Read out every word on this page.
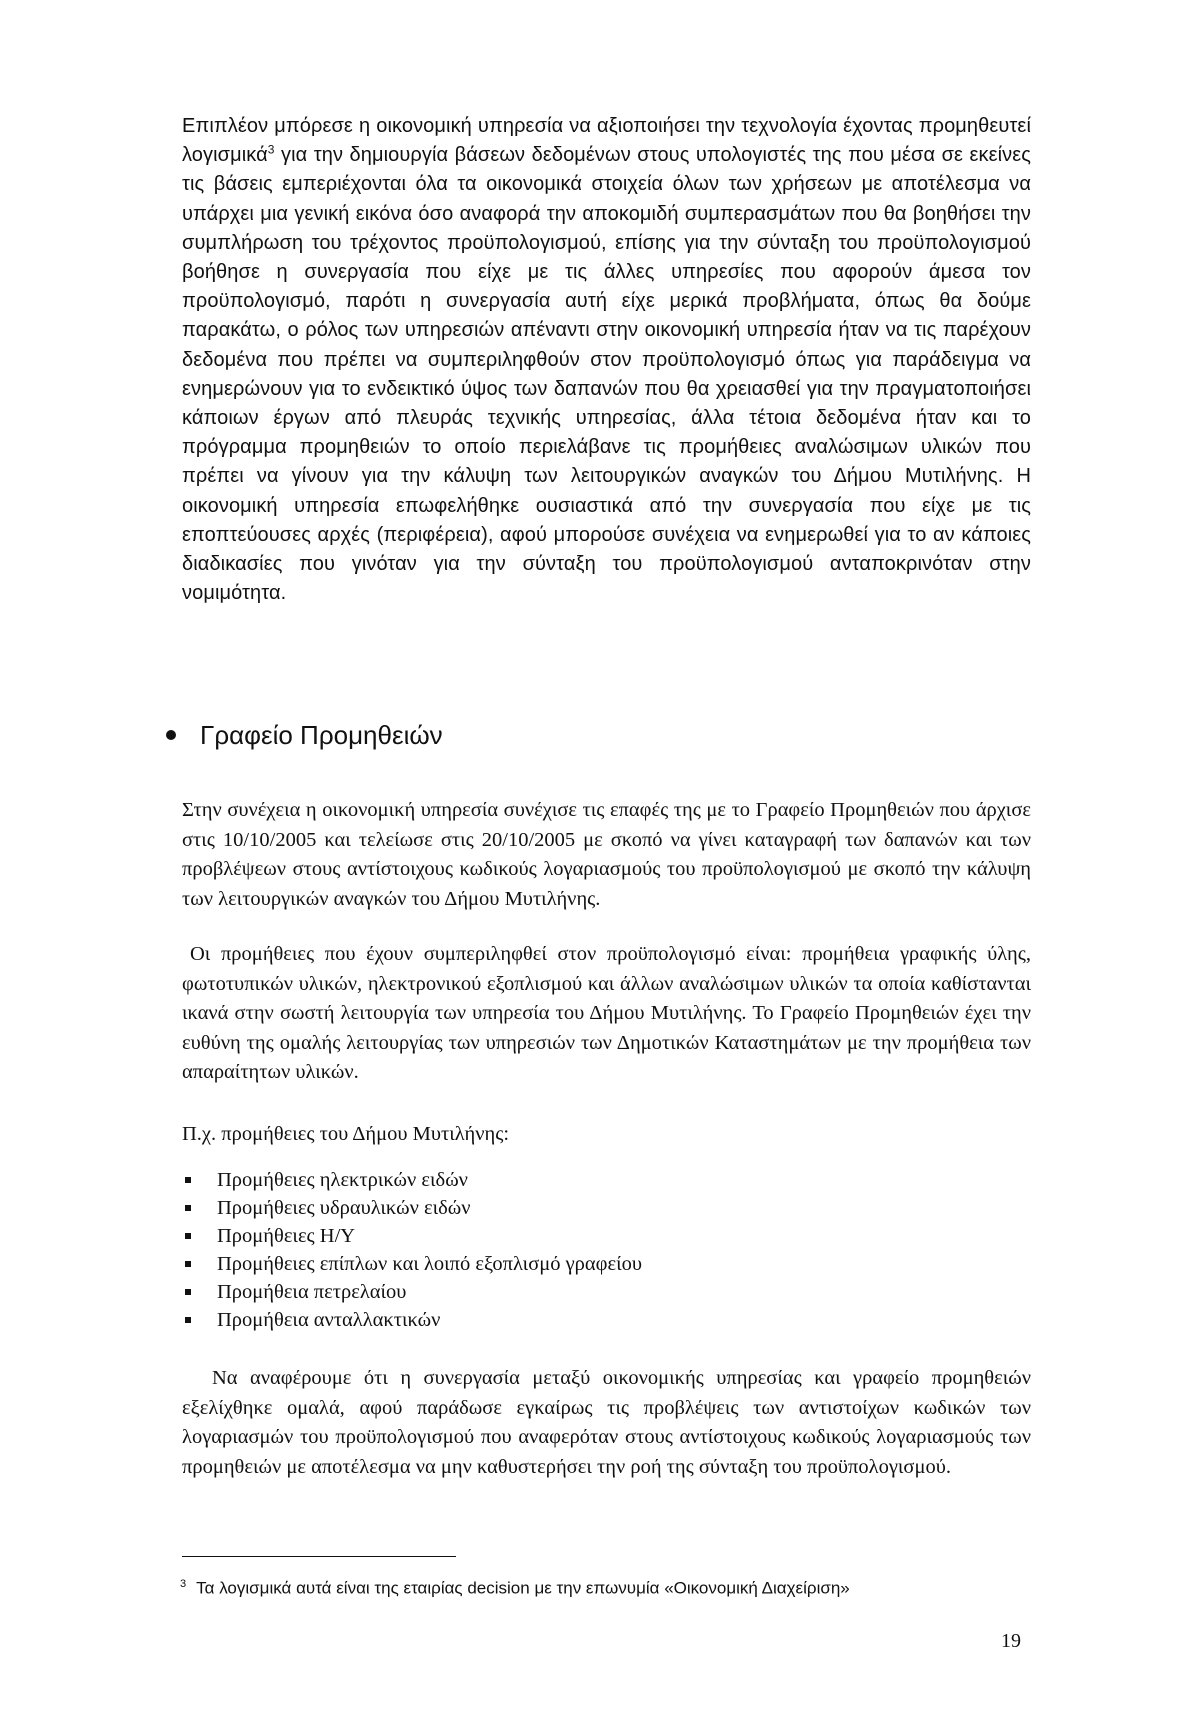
Επιπλέον μπόρεσε η οικονομική υπηρεσία να αξιοποιήσει την τεχνολογία έχοντας προμηθευτεί λογισμικά$^3$ για την δημιουργία βάσεων δεδομένων στους υπολογιστές της που μέσα σε εκείνες τις βάσεις εμπεριέχονται όλα τα οικονομικά στοιχεία όλων των χρήσεων με αποτέλεσμα να υπάρχει μια γενική εικόνα όσο αναφορά την αποκομιδή συμπερασμάτων που θα βοηθήσει την συμπλήρωση του τρέχοντος προϋπολογισμού, επίσης για την σύνταξη του προϋπολογισμού βοήθησε η συνεργασία που είχε με τις άλλες υπηρεσίες που αφορούν άμεσα τον προϋπολογισμό, παρότι η συνεργασία αυτή είχε μερικά προβλήματα, όπως θα δούμε παρακάτω, ο ρόλος των υπηρεσιών απέναντι στην οικονομική υπηρεσία ήταν να τις παρέχουν δεδομένα που πρέπει να συμπεριληφθούν στον προϋπολογισμό όπως για παράδειγμα να ενημερώνουν για το ενδεικτικό ύψος των δαπανών που θα χρειασθεί για την πραγματοποιήσει κάποιων έργων από πλευράς τεχνικής υπηρεσίας, άλλα τέτοια δεδομένα ήταν και το πρόγραμμα προμηθειών το οποίο περιελάβανε τις προμήθειες αναλώσιμων υλικών που πρέπει να γίνουν για την κάλυψη των λειτουργικών αναγκών του Δήμου Μυτιλήνης. Η οικονομική υπηρεσία επωφελήθηκε ουσιαστικά από την συνεργασία που είχε με τις εποπτεύουσες αρχές (περιφέρεια), αφού μπορούσε συνέχεια να ενημερωθεί για το αν κάποιες διαδικασίες που γινόταν για την σύνταξη του προϋπολογισμού ανταποκρινόταν στην νομιμότητα.

Γραφείο Προμηθειών

Στην συνέχεια η οικονομική υπηρεσία συνέχισε τις επαφές της με το Γραφείο Προμηθειών που άρχισε στις 10/10/2005 και τελείωσε στις 20/10/2005 με σκοπό να γίνει καταγραφή των δαπανών και των προβλέψεων στους αντίστοιχους κωδικούς λογαριασμούς του προϋπολογισμού με σκοπό την κάλυψη των λειτουργικών αναγκών του Δήμου Μυτιλήνης.

Οι προμήθειες που έχουν συμπεριληφθεί στον προϋπολογισμό είναι: προμήθεια γραφικής ύλης, φωτοτυπικών υλικών, ηλεκτρονικού εξοπλισμού και άλλων αναλώσιμων υλικών τα οποία καθίστανται ικανά στην σωστή λειτουργία των υπηρεσία του Δήμου Μυτιλήνης. Το Γραφείο Προμηθειών έχει την ευθύνη της ομαλής λειτουργίας των υπηρεσιών των Δημοτικών Καταστημάτων με την προμήθεια των απαραίτητων υλικών.

Π.χ. προμήθειες του Δήμου Μυτιλήνης:

Προμήθειες ηλεκτρικών ειδών
Προμήθειες υδραυλικών ειδών
Προμήθειες Η/Υ
Προμήθειες επίπλων και λοιπό εξοπλισμό γραφείου
Προμήθεια πετρελαίου
Προμήθεια ανταλλακτικών

Να αναφέρουμε ότι η συνεργασία μεταξύ οικονομικής υπηρεσίας και γραφείο προμηθειών εξελίχθηκε ομαλά, αφού παράδωσε εγκαίρως τις προβλέψεις των αντιστοίχων κωδικών των λογαριασμών του προϋπολογισμού που αναφερόταν στους αντίστοιχους κωδικούς λογαριασμούς των προμηθειών με αποτέλεσμα να μην καθυστερήσει την ροή της σύνταξη του προϋπολογισμού.

$^3$ Τα λογισμικά αυτά είναι της εταιρίας decision με την επωνυμία «Οικονομική Διαχείριση»
19
